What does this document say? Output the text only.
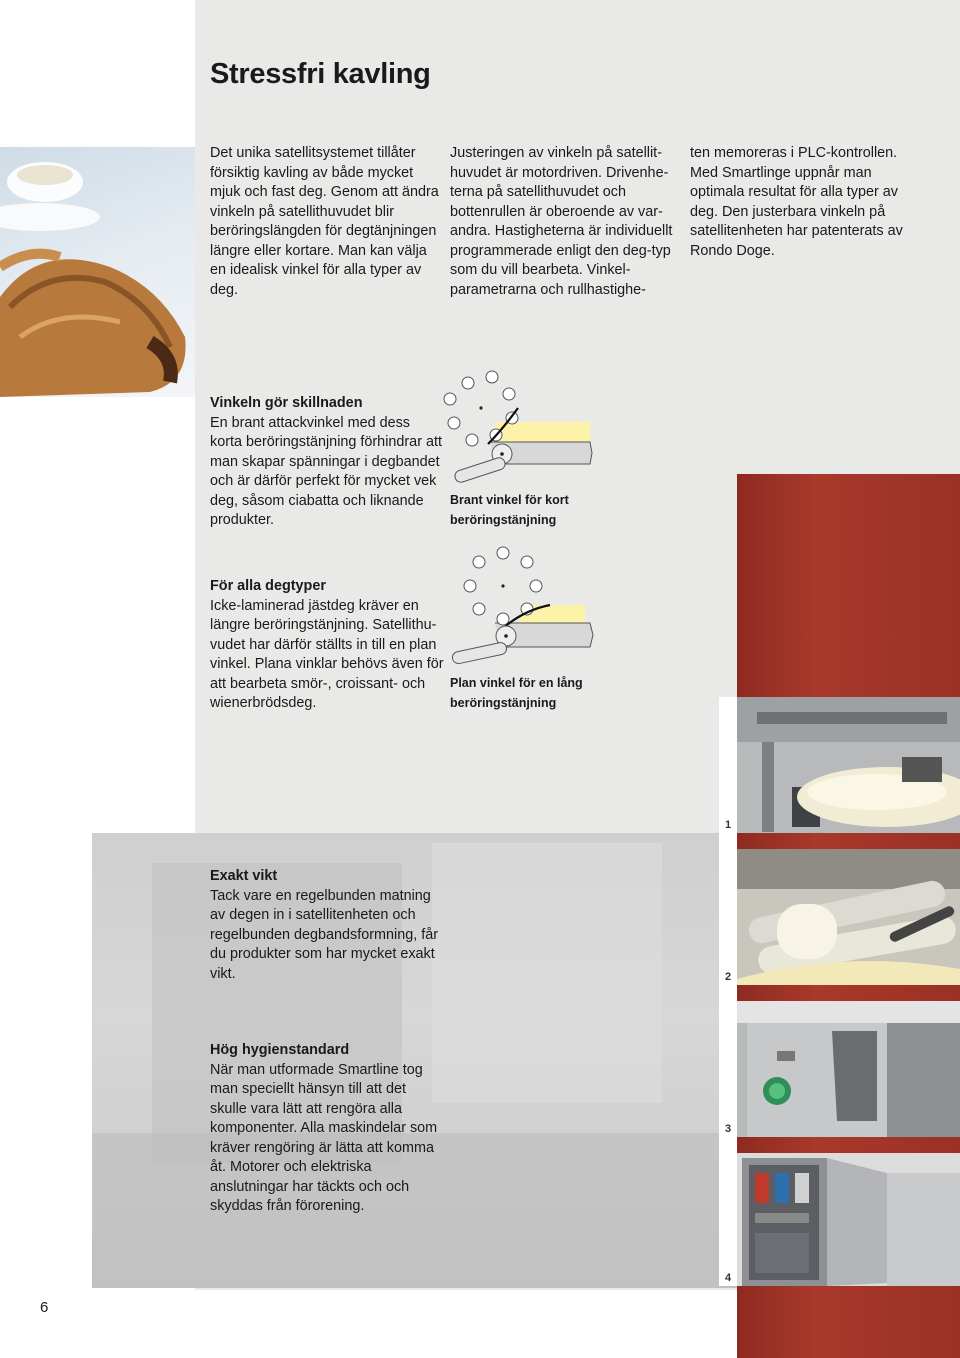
Stressfri kavling

Det unika satellitsystemet tillåter försiktig kavling av både mycket mjuk och fast deg. Genom att ändra vinkeln på satellithuvudet blir beröringslängden för degtänjningen längre eller kortare. Man kan välja en idealisk vinkel för alla typer av deg.

Justeringen av vinkeln på satellithuvudet är motordriven. Drivenheterna på satellithuvudet och bottenrullen är oberoende av varandra. Hastigheterna är individuellt programmerade enligt den deg-typ som du vill bearbeta. Vinkel-parametrarna och rullhastighe-

ten memoreras i PLC-kontrollen. Med Smartlinge uppnår man optimala resultat för alla typer av deg. Den justerbara vinkeln på satellitenheten har patenterats av Rondo Doge.

Vinkeln gör skillnaden

En brant attackvinkel med dess korta beröringstänjning förhindrar att man skapar spänningar i degbandet och är därför perfekt för mycket vek deg, såsom ciabatta och liknande produkter.

Brant vinkel för kort
beröringstänjning

För alla degtyper

Icke-laminerad jästdeg kräver en längre beröringstänjning. Satellithuvudet har därför ställts in till en plan vinkel. Plana vinklar behövs även för att bearbeta smör-, croissant- och wienerbrödsdeg.

Plan vinkel för en lång
beröringstänjning

Exakt vikt

Tack vare en regelbunden matning av degen in i satellitenheten och regelbunden degbandsformning, får du produkter som har mycket exakt vikt.

Hög hygienstandard

När man utformade Smartline tog man speciellt hänsyn till att det skulle vara lätt att rengöra alla komponenter. Alla maskindelar som kräver rengöring är lätta att komma åt. Motorer och elektriska anslutningar har täckts och och skyddas från förorening.

1
2
3
4
6
